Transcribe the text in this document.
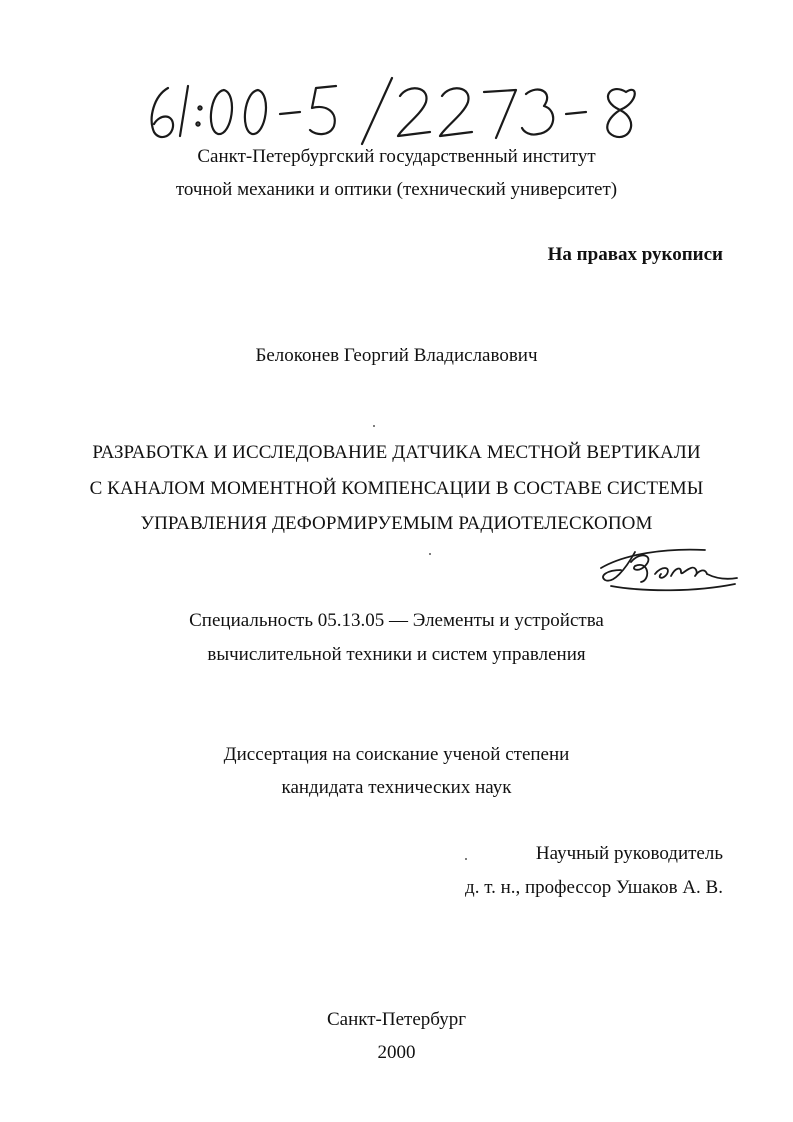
Санкт-Петербургский государственный институт
точной механики и оптики (технический университет)
На правах рукописи
Белоконев Георгий Владиславович
РАЗРАБОТКА И ИССЛЕДОВАНИЕ ДАТЧИКА МЕСТНОЙ ВЕРТИКАЛИ
С КАНАЛОМ МОМЕНТНОЙ КОМПЕНСАЦИИ В СОСТАВЕ СИСТЕМЫ
УПРАВЛЕНИЯ ДЕФОРМИРУЕМЫМ РАДИОТЕЛЕСКОПОМ
Специальность 05.13.05 — Элементы и устройства
вычислительной техники и систем управления
Диссертация на соискание ученой степени
кандидата технических наук
Научный руководитель
д. т. н., профессор Ушаков А. В.
Санкт-Петербург
2000
